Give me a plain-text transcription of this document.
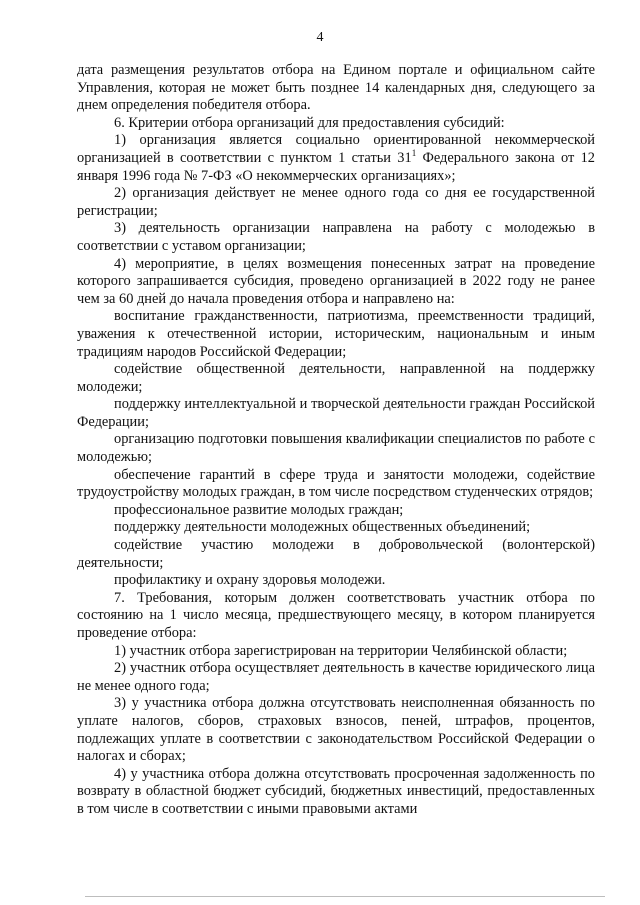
4

дата размещения результатов отбора на Едином портале и официальном сайте Управления, которая не может быть позднее 14 календарных дня, следующего за днем определения победителя отбора.

6. Критерии отбора организаций для предоставления субсидий:

1) организация является социально ориентированной некоммерческой организацией в соответствии с пунктом 1 статьи $31^1$ Федерального закона от 12 января 1996 года № 7-ФЗ «О некоммерческих организациях»;

2) организация действует не менее одного года со дня ее государственной регистрации;

3) деятельность организации направлена на работу с молодежью в соответствии с уставом организации;

4) мероприятие, в целях возмещения понесенных затрат на проведение которого запрашивается субсидия, проведено организацией в 2022 году не ранее чем за 60 дней до начала проведения отбора и направлено на:

воспитание гражданственности, патриотизма, преемственности традиций, уважения к отечественной истории, историческим, национальным и иным традициям народов Российской Федерации;

содействие общественной деятельности, направленной на поддержку молодежи;

поддержку интеллектуальной и творческой деятельности граждан Российской Федерации;

организацию подготовки повышения квалификации специалистов по работе с молодежью;

обеспечение гарантий в сфере труда и занятости молодежи, содействие трудоустройству молодых граждан, в том числе посредством студенческих отрядов;

профессиональное развитие молодых граждан;

поддержку деятельности молодежных общественных объединений;

содействие участию молодежи в добровольческой (волонтерской) деятельности;

профилактику и охрану здоровья молодежи.

7. Требования, которым должен соответствовать участник отбора по состоянию на 1 число месяца, предшествующего месяцу, в котором планируется проведение отбора:

1) участник отбора зарегистрирован на территории Челябинской области;

2) участник отбора осуществляет деятельность в качестве юридического лица не менее одного года;

3) у участника отбора должна отсутствовать неисполненная обязанность по уплате налогов, сборов, страховых взносов, пеней, штрафов, процентов, подлежащих уплате в соответствии с законодательством Российской Федерации о налогах и сборах;

4) у участника отбора должна отсутствовать просроченная задолженность по возврату в областной бюджет субсидий, бюджетных инвестиций, предоставленных в том числе в соответствии с иными правовыми актами
